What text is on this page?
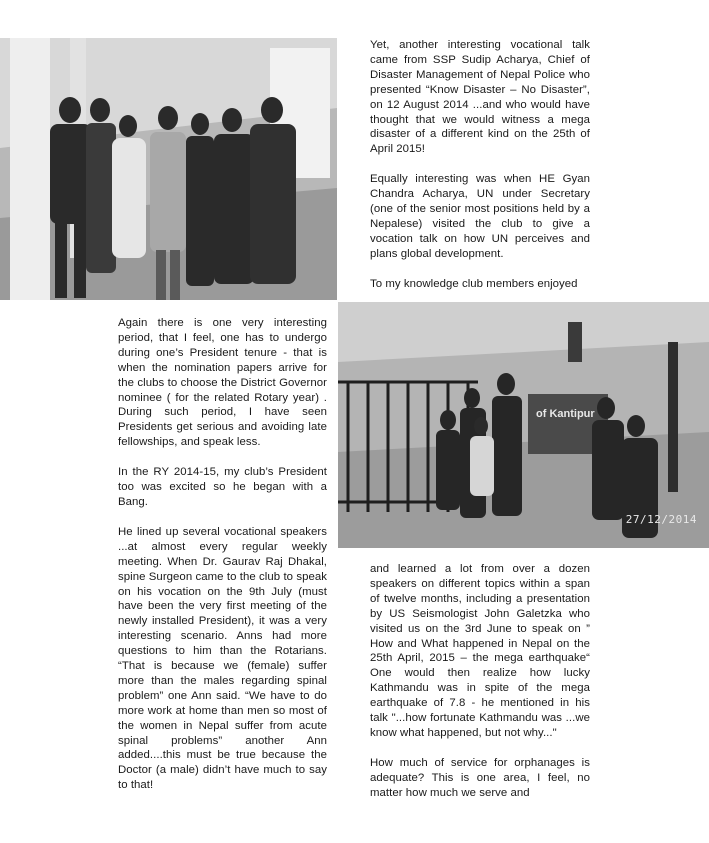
Yet, another interesting vocational talk came from SSP Sudip Acharya, Chief of Disaster Management of Nepal Police who presented “Know Disaster – No Disaster”, on 12 August 2014 ...and who would have thought that we would witness a mega disaster of a different kind on the 25th of April 2015!

Equally interesting was when HE Gyan Chandra Acharya, UN under Secretary (one of the senior most positions held by a Nepalese) visited the club to give a vocation talk on how UN perceives and plans global development.

To my knowledge club members enjoyed

of Kantipur
27/12/2014

Again there is one very interesting period, that I feel, one has to undergo during one’s President tenure - that is when the nomination papers arrive for the clubs to choose the District Governor nominee ( for the related Rotary year) . During such period, I have seen Presidents get serious and avoiding late fellowships, and speak less.

In the RY 2014-15, my club’s President too was excited so he began with a Bang.

He lined up several vocational speakers ...at almost every regular weekly meeting. When Dr. Gaurav Raj Dhakal, spine Surgeon came to the club to speak on his vocation on the 9th July (must have been the very first meeting of the newly installed President), it was a very interesting scenario. Anns had more questions to him than the Rotarians. “That is because we (female) suffer more than the males regarding spinal problem” one Ann said. “We have to do more work at home than men so most of the women in Nepal suffer from acute spinal problems” another Ann added....this must be true because the Doctor (a male) didn’t have much to say to that!

and learned a lot from over a dozen speakers on different topics within a span of twelve months, including a presentation by US Seismologist John Galetzka who visited us on the 3rd June to speak on ” How and What happened in Nepal on the 25th April, 2015 – the mega earthquake“ One would then realize how lucky Kathmandu was in spite of the mega earthquake of 7.8 - he mentioned in his talk "...how fortunate Kathmandu was ...we know what happened, but not why..."

How much of service for orphanages is adequate? This is one area, I feel, no matter how much we serve and
